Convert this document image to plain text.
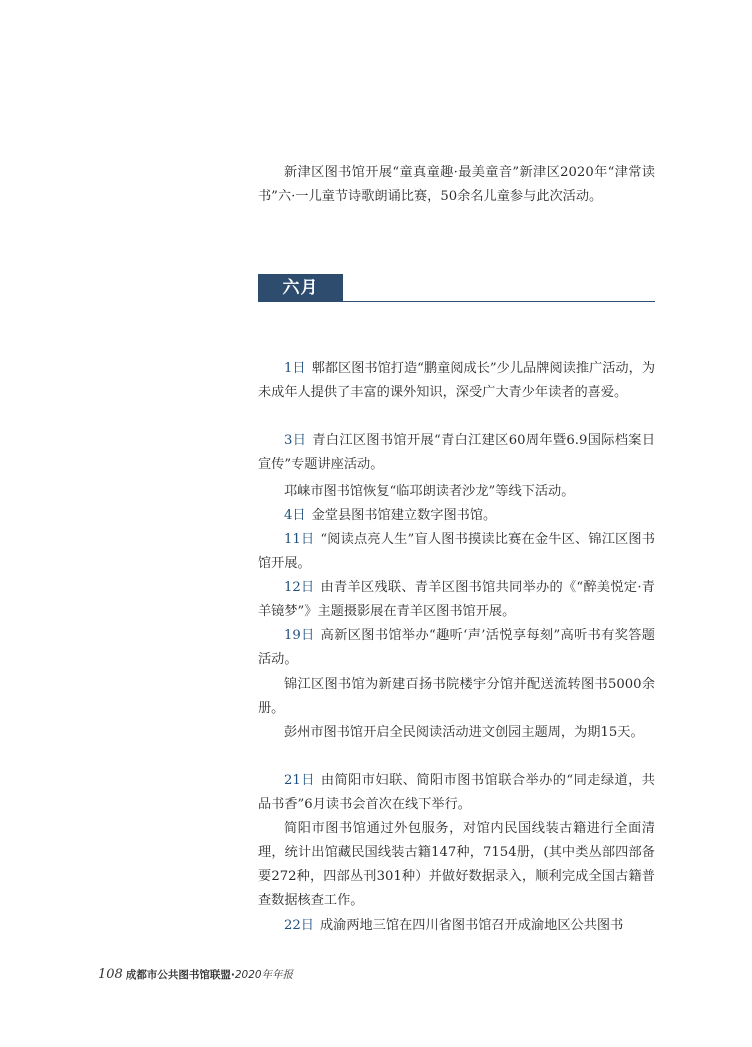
新津区图书馆开展“童真童趣·最美童音”新津区2020年“津常读书”六·一儿童节诗歌朗诵比赛，50余名儿童参与此次活动。

六月

1日 郫都区图书馆打造“鹏童阅成长”少儿品牌阅读推广活动，为未成年人提供了丰富的课外知识，深受广大青少年读者的喜爱。

3日 青白江区图书馆开展“青白江建区60周年暨6.9国际档案日宣传”专题讲座活动。

邛崃市图书馆恢复“临邛朗读者沙龙”等线下活动。

4日 金堂县图书馆建立数字图书馆。

11日 “阅读点亮人生”盲人图书摸读比赛在金牛区、锦江区图书馆开展。

12日 由青羊区残联、青羊区图书馆共同举办的《“醉美悦定·青羊镜梦”》主题摄影展在青羊区图书馆开展。

19日 高新区图书馆举办“趣听‘声’活悦享每刻”高听书有奖答题活动。

锦江区图书馆为新建百扬书院楼宇分馆并配送流转图书5000余册。

彭州市图书馆开启全民阅读活动进文创园主题周，为期15天。

21日 由简阳市妇联、简阳市图书馆联合举办的“同走绿道，共品书香”6月读书会首次在线下举行。

简阳市图书馆通过外包服务，对馆内民国线装古籍进行全面清理，统计出馆藏民国线装古籍147种，7154册，(其中类丛部四部备要272种，四部丛刊301种）并做好数据录入，顺利完成全国古籍普查数据核查工作。

22日 成渝两地三馆在四川省图书馆召开成渝地区公共图书

108 成都市公共图书馆联盟·2020年年报
